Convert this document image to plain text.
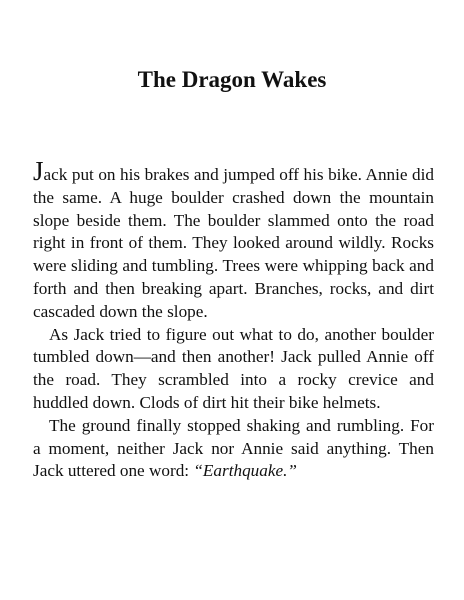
The Dragon Wakes

Jack put on his brakes and jumped off his bike. Annie did the same. A huge boulder crashed down the mountain slope beside them. The boulder slammed onto the road right in front of them. They looked around wildly. Rocks were sliding and tumbling. Trees were whipping back and forth and then breaking apart. Branches, rocks, and dirt cascaded down the slope.

As Jack tried to figure out what to do, another boulder tumbled down—and then another! Jack pulled Annie off the road. They scrambled into a rocky crevice and huddled down. Clods of dirt hit their bike helmets.

The ground finally stopped shaking and rumbling. For a moment, neither Jack nor Annie said anything. Then Jack uttered one word: “Earthquake.”
